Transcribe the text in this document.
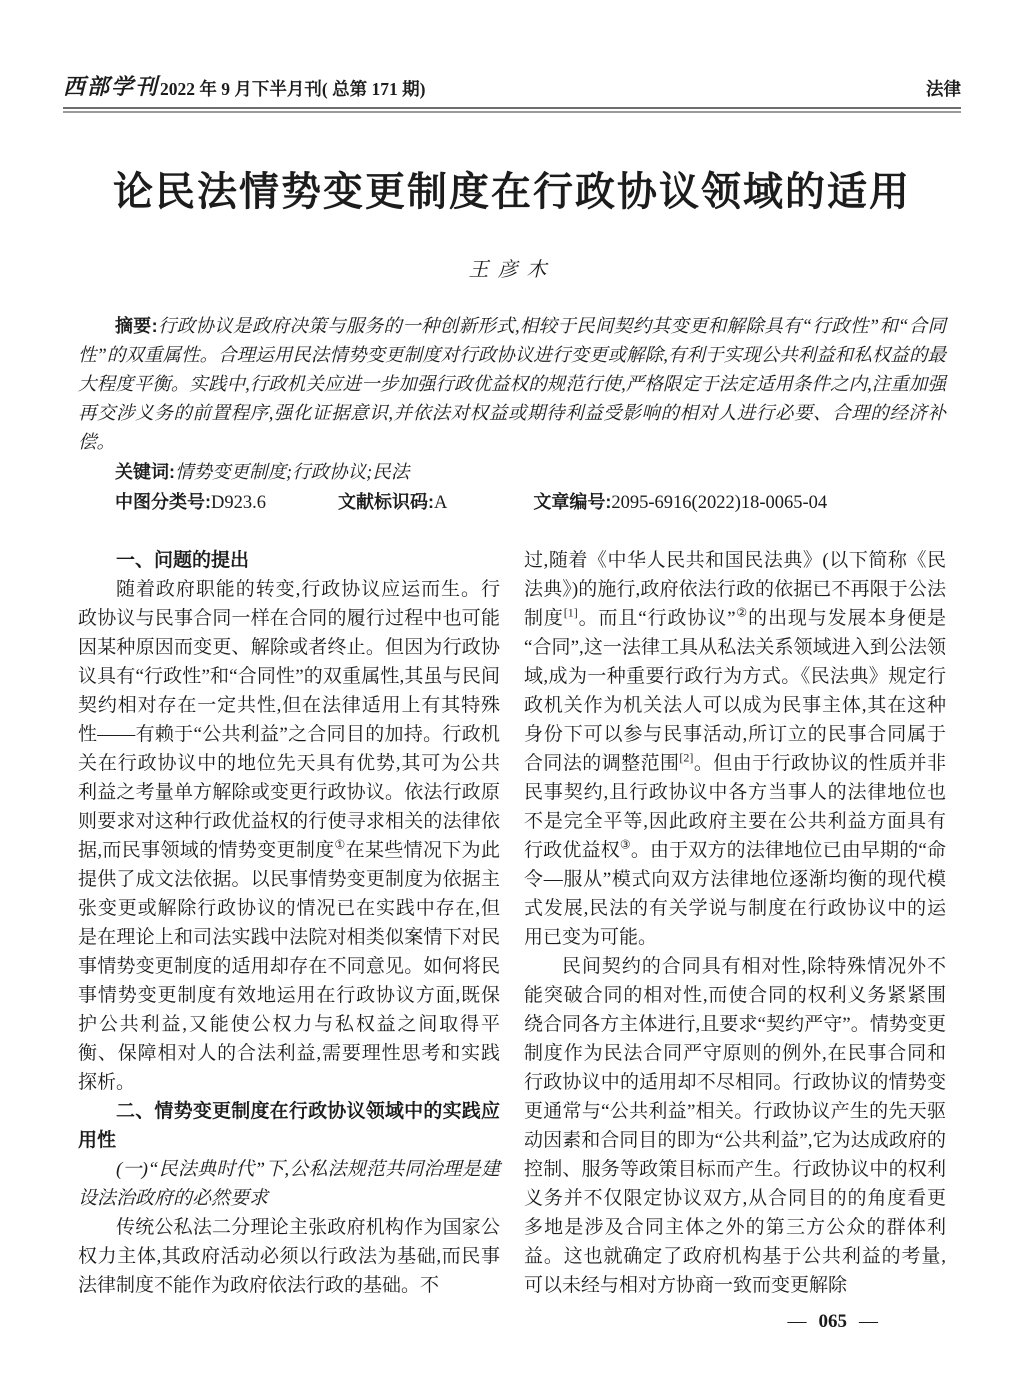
西部学刊 2022 年 9 月下半月刊( 总第 171 期)	法律
论民法情势变更制度在行政协议领域的适用
王彦木

摘要:行政协议是政府决策与服务的一种创新形式,相较于民间契约其变更和解除具有“行政性”和“合同性”的双重属性。合理运用民法情势变更制度对行政协议进行变更或解除,有利于实现公共利益和私权益的最大程度平衡。实践中,行政机关应进一步加强行政优益权的规范行使,严格限定于法定适用条件之内,注重加强再交涉义务的前置程序,强化证据意识,并依法对权益或期待利益受影响的相对人进行必要、合理的经济补偿。

关键词:情势变更制度;行政协议;民法

中图分类号:D923.6	文献标识码:A	文章编号:2095-6916(2022)18-0065-04

一、问题的提出

随着政府职能的转变,行政协议应运而生。行政协议与民事合同一样在合同的履行过程中也可能因某种原因而变更、解除或者终止。但因为行政协议具有“行政性”和“合同性”的双重属性,其虽与民间契约相对存在一定共性,但在法律适用上有其特殊性——有赖于“公共利益”之合同目的加持。行政机关在行政协议中的地位先天具有优势,其可为公共利益之考量单方解除或变更行政协议。依法行政原则要求对这种行政优益权的行使寻求相关的法律依据,而民事领域的情势变更制度①在某些情况下为此提供了成文法依据。以民事情势变更制度为依据主张变更或解除行政协议的情况已在实践中存在,但是在理论上和司法实践中法院对相类似案情下对民事情势变更制度的适用却存在不同意见。如何将民事情势变更制度有效地运用在行政协议方面,既保护公共利益,又能使公权力与私权益之间取得平衡、保障相对人的合法利益,需要理性思考和实践探析。

二、情势变更制度在行政协议领域中的实践应用性

(一)“民法典时代”下,公私法规范共同治理是建设法治政府的必然要求

传统公私法二分理论主张政府机构作为国家公权力主体,其政府活动必须以行政法为基础,而民事法律制度不能作为政府依法行政的基础。不

过,随着《中华人民共和国民法典》(以下简称《民法典》)的施行,政府依法行政的依据已不再限于公法制度[1]。而且“行政协议”②的出现与发展本身便是“合同”,这一法律工具从私法关系领域进入到公法领域,成为一种重要行政行为方式。《民法典》规定行政机关作为机关法人可以成为民事主体,其在这种身份下可以参与民事活动,所订立的民事合同属于合同法的调整范围[2]。但由于行政协议的性质并非民事契约,且行政协议中各方当事人的法律地位也不是完全平等,因此政府主要在公共利益方面具有行政优益权③。由于双方的法律地位已由早期的“命令—服从”模式向双方法律地位逐渐均衡的现代模式发展,民法的有关学说与制度在行政协议中的运用已变为可能。

民间契约的合同具有相对性,除特殊情况外不能突破合同的相对性,而使合同的权利义务紧紧围绕合同各方主体进行,且要求“契约严守”。情势变更制度作为民法合同严守原则的例外,在民事合同和行政协议中的适用却不尽相同。行政协议的情势变更通常与“公共利益”相关。行政协议产生的先天驱动因素和合同目的即为“公共利益”,它为达成政府的控制、服务等政策目标而产生。行政协议中的权利义务并不仅限定协议双方,从合同目的的角度看更多地是涉及合同主体之外的第三方公众的群体利益。这也就确定了政府机构基于公共利益的考量,可以未经与相对方协商一致而变更解除

— 065 —
